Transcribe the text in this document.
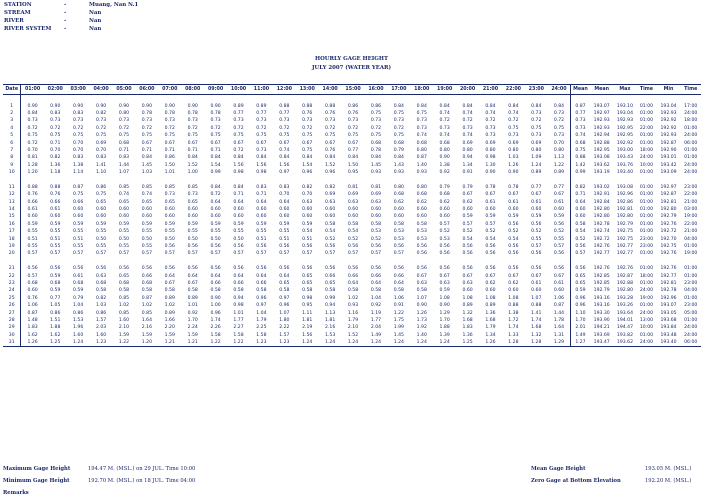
STATION	-	Muang, Nan N.1
STREAM	-	Nan
RIVER	-	Nan
RIVER SYSTEM -	Nan
HOURLY GAGE HEIGHT
JULY 2007 (WATER YEAR)
Date	01:00	02:00	03:00	04:00	05:00	06:00	07:00	08:00	09:00	10:00	11:00	12:00	13:00	14:00	15:00	16:00	17:00	18:00	19:00	20:00	21:00	22:00	23:00	24:00	Mean	Mean	Max	Time	Min	Time

1	0.90	0.90	0.90	0.90	0.90	0.90	0.90	0.90	0.90	0.89	0.89	0.88	0.88	0.88	0.86	0.86	0.84	0.84	0.84	0.84	0.84	0.84	0.84	0.84	0.87	193.07	193.10	01:00	193.04	17:00
2	0.84	0.83	0.83	0.82	0.80	0.78	0.78	0.78	0.78	0.77	0.77	0.77	0.76	0.76	0.76	0.75	0.75	0.75	0.74	0.74	0.74	0.74	0.73	0.73	0.77	192.97	193.04	01:00	192.93	24:00
3	0.73	0.73	0.73	0.73	0.73	0.73	0.73	0.73	0.73	0.73	0.73	0.73	0.73	0.73	0.73	0.73	0.73	0.73	0.72	0.72	0.72	0.72	0.72	0.72	0.73	192.93	192.93	01:00	192.92	18:00
4	0.72	0.72	0.72	0.72	0.72	0.72	0.72	0.72	0.72	0.72	0.72	0.72	0.72	0.72	0.72	0.72	0.72	0.73	0.73	0.73	0.73	0.75	0.75	0.75	0.73	192.93	192.95	22:00	192.92	01:00
5	0.75	0.75	0.75	0.75	0.75	0.75	0.75	0.75	0.75	0.75	0.75	0.75	0.75	0.75	0.75	0.75	0.75	0.74	0.74	0.74	0.73	0.73	0.73	0.73	0.74	192.94	192.95	01:00	192.93	24:00
6	0.72	0.71	0.70	0.69	0.68	0.67	0.67	0.67	0.67	0.67	0.67	0.67	0.67	0.67	0.67	0.68	0.68	0.68	0.68	0.69	0.69	0.69	0.69	0.70	0.68	192.88	192.92	01:00	192.87	06:00
7	0.70	0.70	0.70	0.70	0.71	0.71	0.71	0.71	0.71	0.72	0.73	0.74	0.75	0.76	0.77	0.78	0.79	0.80	0.80	0.80	0.80	0.80	0.80	0.80	0.75	192.95	193.00	18:00	192.90	01:00
8	0.81	0.82	0.83	0.83	0.83	0.84	0.86	0.84	0.84	0.84	0.84	0.84	0.84	0.84	0.84	0.84	0.84	0.87	0.90	0.94	0.98	1.03	1.09	1.13	0.88	193.08	193.43	24:00	193.01	01:00
9	1.28	1.36	1.38	1.41	1.44	1.45	1.50	1.52	1.54	1.56	1.56	1.56	1.54	1.52	1.50	1.45	1.43	1.40	1.38	1.34	1.30	1.26	1.24	1.22	1.42	193.62	193.76	10:00	193.42	24:00
10	1.20	1.18	1.14	1.10	1.07	1.03	1.01	1.00	0.99	0.98	0.98	0.97	0.96	0.96	0.95	0.93	0.93	0.93	0.92	0.91	0.90	0.90	0.89	0.89	0.99	193.19	193.40	01:00	193.09	24:00

11	0.88	0.88	0.87	0.86	0.85	0.85	0.85	0.85	0.84	0.84	0.83	0.83	0.82	0.82	0.81	0.81	0.80	0.80	0.79	0.79	0.78	0.78	0.77	0.77	0.82	193.02	193.08	01:00	192.97	23:00
12	0.76	0.76	0.75	0.75	0.74	0.74	0.73	0.73	0.72	0.71	0.71	0.70	0.70	0.69	0.69	0.69	0.68	0.68	0.68	0.67	0.67	0.67	0.67	0.67	0.71	192.91	192.96	01:00	192.87	22:00
13	0.66	0.66	0.66	0.65	0.65	0.65	0.65	0.65	0.64	0.64	0.64	0.64	0.63	0.63	0.63	0.63	0.62	0.62	0.62	0.62	0.61	0.61	0.61	0.61	0.64	192.84	192.86	01:00	192.81	21:00
14	0.61	0.61	0.60	0.60	0.60	0.60	0.60	0.60	0.60	0.60	0.60	0.60	0.60	0.60	0.60	0.60	0.60	0.60	0.60	0.60	0.60	0.60	0.60	0.60	0.60	192.80	192.81	01:00	192.80	03:00
15	0.60	0.60	0.60	0.60	0.60	0.60	0.60	0.60	0.60	0.60	0.60	0.60	0.60	0.60	0.60	0.60	0.60	0.60	0.60	0.59	0.59	0.59	0.59	0.59	0.60	192.80	192.80	01:00	192.79	19:00
16	0.59	0.59	0.59	0.59	0.59	0.59	0.59	0.59	0.59	0.59	0.59	0.59	0.59	0.58	0.58	0.58	0.58	0.58	0.57	0.57	0.57	0.56	0.56	0.56	0.58	192.78	192.79	01:00	192.76	22:00
17	0.55	0.55	0.55	0.55	0.55	0.55	0.55	0.55	0.55	0.55	0.55	0.55	0.54	0.54	0.54	0.53	0.53	0.53	0.52	0.52	0.52	0.52	0.52	0.52	0.54	192.74	192.75	01:00	192.72	21:00
18	0.51	0.51	0.51	0.50	0.50	0.50	0.50	0.50	0.50	0.50	0.51	0.51	0.51	0.52	0.52	0.52	0.53	0.53	0.53	0.54	0.54	0.54	0.55	0.55	0.52	192.72	192.75	23:00	192.70	04:00
19	0.55	0.55	0.55	0.55	0.55	0.55	0.56	0.56	0.56	0.56	0.56	0.56	0.56	0.56	0.56	0.56	0.56	0.56	0.56	0.56	0.56	0.56	0.57	0.57	0.56	192.76	192.77	23:00	192.75	01:00
20	0.57	0.57	0.57	0.57	0.57	0.57	0.57	0.57	0.57	0.57	0.57	0.57	0.57	0.57	0.57	0.57	0.57	0.56	0.56	0.56	0.56	0.56	0.56	0.56	0.57	192.77	192.77	01:00	192.76	19:00

21	0.56	0.56	0.56	0.56	0.56	0.56	0.56	0.56	0.56	0.56	0.56	0.56	0.56	0.56	0.56	0.56	0.56	0.56	0.56	0.56	0.56	0.56	0.56	0.56	0.56	192.76	192.76	01:00	192.76	01:00
22	0.57	0.59	0.61	0.63	0.65	0.66	0.64	0.64	0.64	0.64	0.64	0.64	0.65	0.66	0.66	0.66	0.66	0.67	0.67	0.67	0.67	0.67	0.67	0.67	0.65	192.85	192.87	18:00	192.77	01:00
23	0.68	0.68	0.68	0.68	0.68	0.68	0.67	0.67	0.66	0.66	0.66	0.65	0.65	0.65	0.64	0.64	0.64	0.63	0.63	0.63	0.62	0.62	0.61	0.61	0.65	192.85	192.88	01:00	192.81	23:00
24	0.60	0.59	0.59	0.58	0.58	0.58	0.58	0.58	0.58	0.58	0.58	0.58	0.58	0.58	0.58	0.58	0.58	0.58	0.59	0.60	0.60	0.60	0.60	0.60	0.59	192.79	192.80	24:00	192.78	04:00
25	0.76	0.77	0.79	0.82	0.85	0.87	0.89	0.89	0.90	0.94	0.96	0.97	0.98	0.99	1.02	1.04	1.06	1.07	1.08	1.08	1.08	1.08	1.07	1.06	0.96	193.16	193.28	19:00	192.96	01:00
26	1.06	1.05	1.04	1.03	1.02	1.02	1.02	1.01	1.00	0.98	0.97	0.96	0.95	0.94	0.93	0.92	0.91	0.90	0.90	0.89	0.89	0.88	0.88	0.87	0.96	193.16	193.26	01:00	193.07	23:00
27	0.87	0.86	0.86	0.86	0.85	0.85	0.89	0.92	0.96	1.01	1.04	1.07	1.11	1.13	1.16	1.19	1.22	1.26	1.29	1.32	1.36	1.38	1.41	1.44	1.10	193.30	193.64	24:00	193.05	05:00
28	1.48	1.51	1.53	1.57	1.60	1.64	1.66	1.70	1.74	1.77	1.79	1.80	1.81	1.81	1.79	1.77	1.75	1.73	1.70	1.68	1.68	1.72	1.74	1.78	1.70	193.90	194.01	13:00	193.68	01:00
29	1.83	1.88	1.96	2.03	2.10	2.16	2.20	2.24	2.26	2.27	2.25	2.22	2.19	2.16	2.10	2.04	1.99	1.92	1.88	1.83	1.79	1.74	1.68	1.64	2.01	194.21	194.47	10:00	193.84	24:00
30	1.62	1.62	1.60	1.60	1.59	1.59	1.59	1.59	1.58	1.58	1.58	1.57	1.56	1.53	1.52	1.49	1.45	1.40	1.39	1.36	1.34	1.33	1.32	1.31	1.49	193.69	193.82	01:00	193.48	24:00
31	1.26	1.25	1.24	1.23	1.22	1.20	1.21	1.21	1.22	1.22	1.23	1.23	1.24	1.24	1.24	1.24	1.24	1.24	1.24	1.25	1.26	1.28	1.28	1.29	1.27	193.47	193.62	24:00	193.40	06:00
Maximum Gage Height	194.47 M. (MSL.) on 29 JUL. Time 10:00
Minimum Gage Height	192.70 M. (MSL.) on 18 JUL. Time 04:00
Remarks
Mean Gage Height	193.05 M. (MSL.)
Zero Gage at Bottom Elevation	192.20 M. (MSL.)
